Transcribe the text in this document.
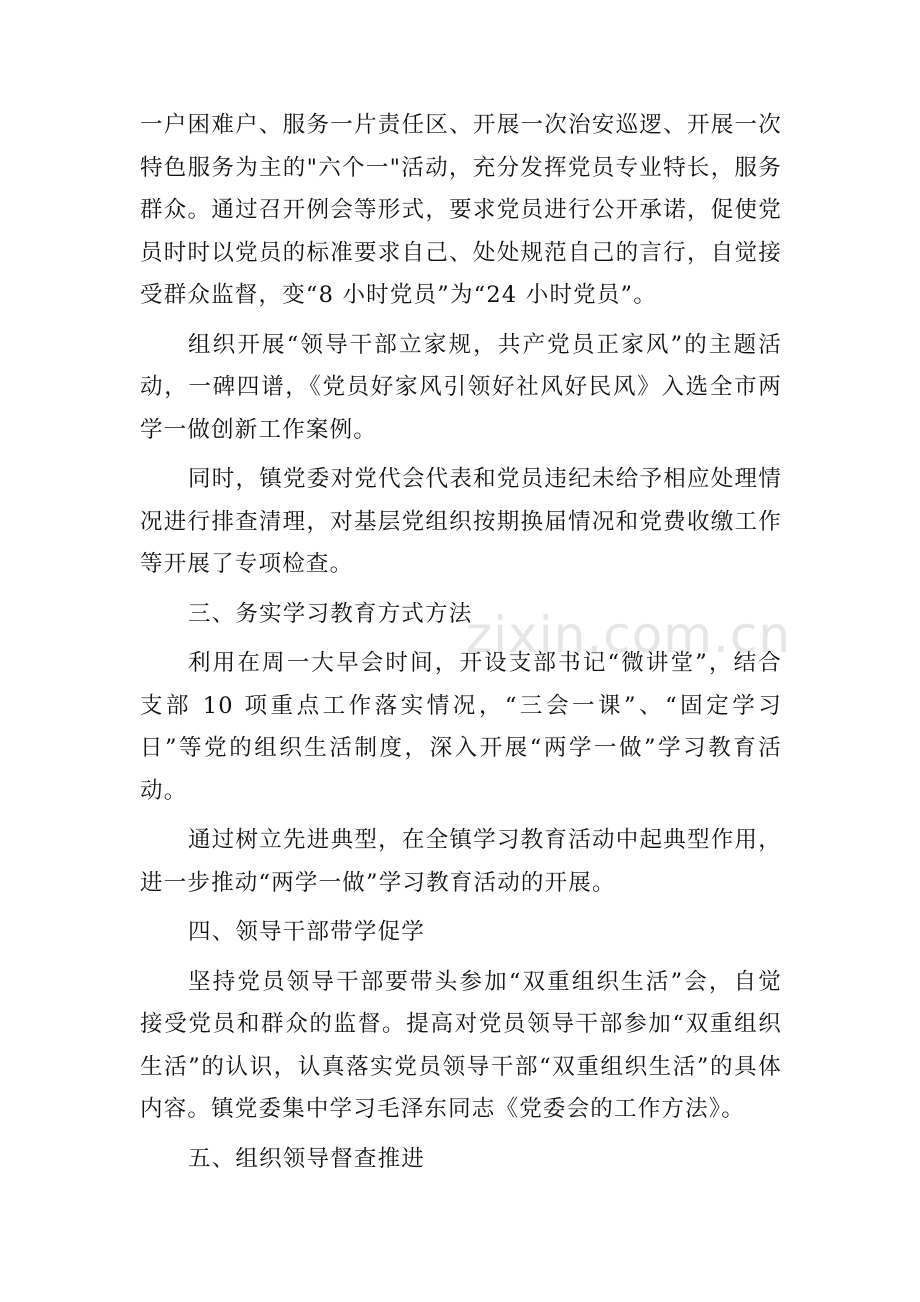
一户困难户、服务一片责任区、开展一次治安巡逻、开展一次特色服务为主的"六个一"活动，充分发挥党员专业特长，服务群众。通过召开例会等形式，要求党员进行公开承诺，促使党员时时以党员的标准要求自己、处处规范自己的言行，自觉接受群众监督，变“8 小时党员”为“24 小时党员”。

组织开展“领导干部立家规，共产党员正家风”的主题活动，一碑四谱，《党员好家风引领好社风好民风》入选全市两学一做创新工作案例。

同时，镇党委对党代会代表和党员违纪未给予相应处理情况进行排查清理，对基层党组织按期换届情况和党费收缴工作等开展了专项检查。

三、务实学习教育方式方法

利用在周一大早会时间，开设支部书记“微讲堂”，结合支部 10 项重点工作落实情况，“三会一课”、“固定学习日”等党的组织生活制度，深入开展“两学一做”学习教育活动。

通过树立先进典型，在全镇学习教育活动中起典型作用，进一步推动“两学一做”学习教育活动的开展。

四、领导干部带学促学

坚持党员领导干部要带头参加“双重组织生活”会，自觉接受党员和群众的监督。提高对党员领导干部参加“双重组织生活”的认识，认真落实党员领导干部“双重组织生活”的具体内容。镇党委集中学习毛泽东同志《党委会的工作方法》。

五、组织领导督查推进

zixin.com.cn
